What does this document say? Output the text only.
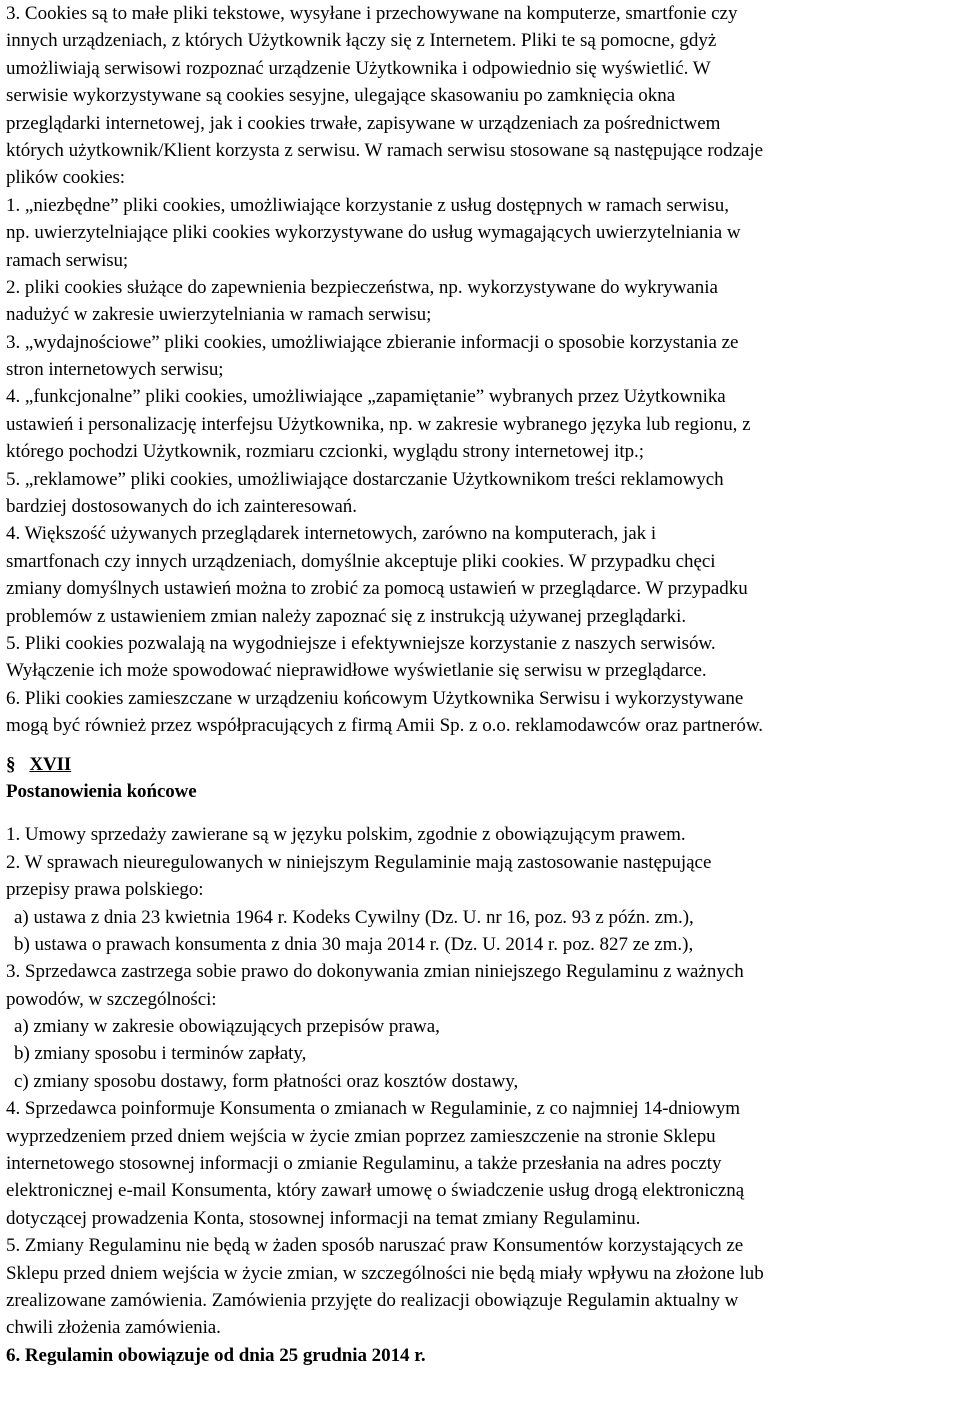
3. Cookies są to małe pliki tekstowe, wysyłane i przechowywane na komputerze, smartfonie czy
innych urządzeniach, z których Użytkownik łączy się z Internetem. Pliki te są pomocne, gdyż
umożliwiają serwisowi rozpoznać urządzenie Użytkownika i odpowiednio się wyświetlić. W
serwisie wykorzystywane są cookies sesyjne, ulegające skasowaniu po zamknięcia okna
przeglądarki internetowej, jak i cookies trwałe, zapisywane w urządzeniach za pośrednictwem
których użytkownik/Klient korzysta z serwisu. W ramach serwisu stosowane są następujące rodzaje
plików cookies:
1. „niezbędne” pliki cookies, umożliwiające korzystanie z usług dostępnych w ramach serwisu,
np. uwierzytelniające pliki cookies wykorzystywane do usług wymagających uwierzytelniania w
ramach serwisu;
2. pliki cookies służące do zapewnienia bezpieczeństwa, np. wykorzystywane do wykrywania
nadużyć w zakresie uwierzytelniania w ramach serwisu;
3. „wydajnościowe” pliki cookies, umożliwiające zbieranie informacji o sposobie korzystania ze
stron internetowych serwisu;
4. „funkcjonalne” pliki cookies, umożliwiające „zapamiętanie” wybranych przez Użytkownika
ustawień i personalizację interfejsu Użytkownika, np. w zakresie wybranego języka lub regionu, z
którego pochodzi Użytkownik, rozmiaru czcionki, wyglądu strony internetowej itp.;
5. „reklamowe” pliki cookies, umożliwiające dostarczanie Użytkownikom treści reklamowych
bardziej dostosowanych do ich zainteresowań.
4. Większość używanych przeglądarek internetowych, zarówno na komputerach, jak i
smartfonach czy innych urządzeniach, domyślnie akceptuje pliki cookies. W przypadku chęci
zmiany domyślnych ustawień można to zrobić za pomocą ustawień w przeglądarce. W przypadku
problemów z ustawieniem zmian należy zapoznać się z instrukcją używanej przeglądarki.
5. Pliki cookies pozwalają na wygodniejsze i efektywniejsze korzystanie z naszych serwisów.
Wyłączenie ich może spowodować nieprawidłowe wyświetlanie się serwisu w przeglądarce.
6. Pliki cookies zamieszczane w urządzeniu końcowym Użytkownika Serwisu i wykorzystywane
mogą być również przez współpracujących z firmą Amii Sp. z o.o. reklamodawców oraz partnerów.
§ XVII
Postanowienia końcowe
1. Umowy sprzedaży zawierane są w języku polskim, zgodnie z obowiązującym prawem.
2. W sprawach nieuregulowanych w niniejszym Regulaminie mają zastosowanie następujące
przepisy prawa polskiego:
a) ustawa z dnia 23 kwietnia 1964 r. Kodeks Cywilny (Dz. U. nr 16, poz. 93 z późn. zm.),
b) ustawa o prawach konsumenta z dnia 30 maja 2014 r. (Dz. U. 2014 r. poz. 827 ze zm.),
3. Sprzedawca zastrzega sobie prawo do dokonywania zmian niniejszego Regulaminu z ważnych
powodów, w szczególności:
a) zmiany w zakresie obowiązujących przepisów prawa,
b) zmiany sposobu i terminów zapłaty,
c) zmiany sposobu dostawy, form płatności oraz kosztów dostawy,
4. Sprzedawca poinformuje Konsumenta o zmianach w Regulaminie, z co najmniej 14-dniowym
wyprzedzeniem przed dniem wejścia w życie zmian poprzez zamieszczenie na stronie Sklepu
internetowego stosownej informacji o zmianie Regulaminu, a także przesłania na adres poczty
elektronicznej e-mail Konsumenta, który zawarł umowę o świadczenie usług drogą elektroniczną
dotyczącej prowadzenia Konta, stosownej informacji na temat zmiany Regulaminu.
5. Zmiany Regulaminu nie będą w żaden sposób naruszać praw Konsumentów korzystających ze
Sklepu przed dniem wejścia w życie zmian, w szczególności nie będą miały wpływu na złożone lub
zrealizowane zamówienia. Zamówienia przyjęte do realizacji obowiązuje Regulamin aktualny w
chwili złożenia zamówienia.
6. Regulamin obowiązuje od dnia 25 grudnia 2014 r.
